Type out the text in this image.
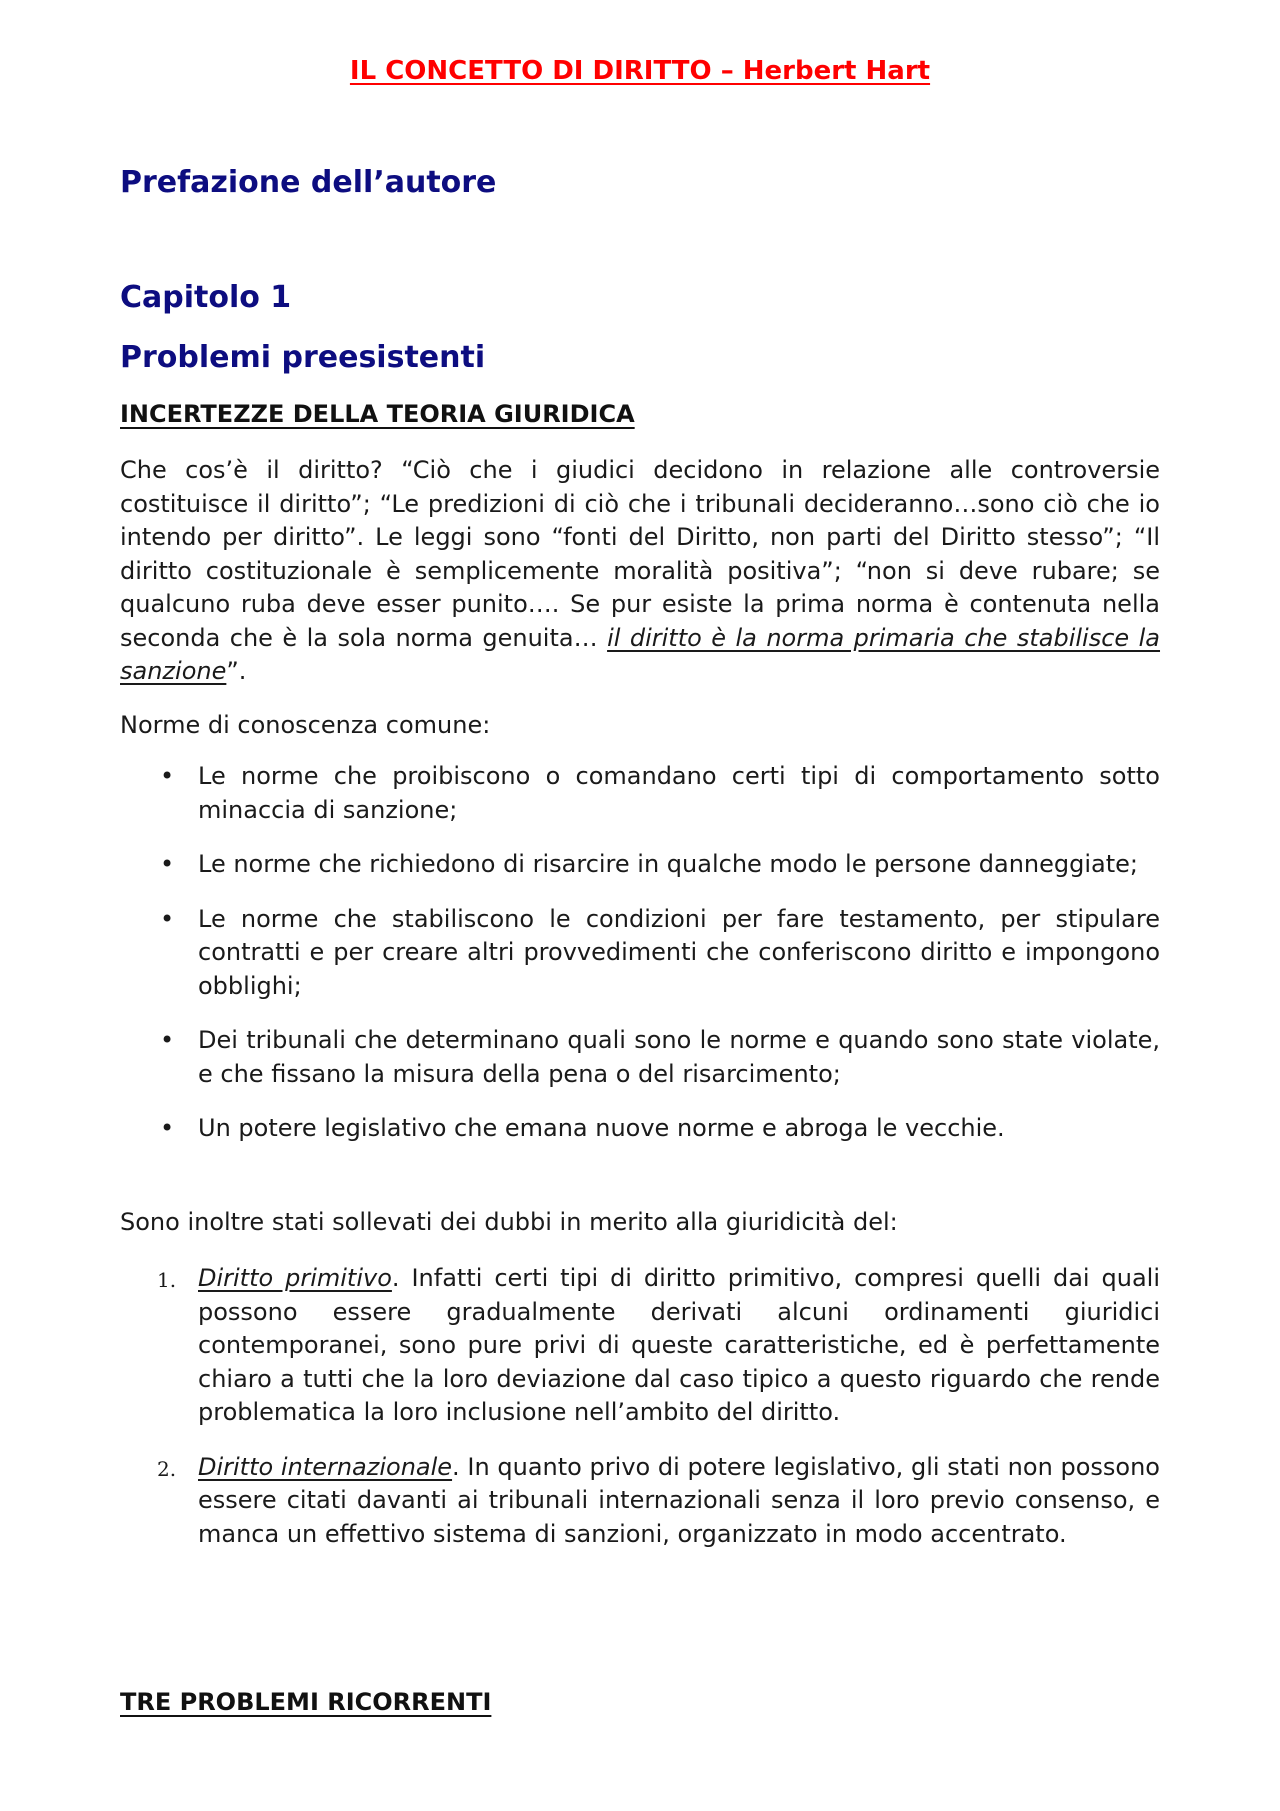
IL CONCETTO DI DIRITTO – Herbert Hart
Prefazione dell’autore
Capitolo 1
Problemi preesistenti
INCERTEZZE DELLA TEORIA GIURIDICA

Che cos’è il diritto? “Ciò che i giudici decidono in relazione alle controversie costituisce il diritto”; “Le predizioni di ciò che i tribunali decideranno…sono ciò che io intendo per diritto”. Le leggi sono “fonti del Diritto, non parti del Diritto stesso”; “Il diritto costituzionale è semplicemente moralità positiva”; “non si deve rubare; se qualcuno ruba deve esser punito…. Se pur esiste la prima norma è contenuta nella seconda che è la sola norma genuita… il diritto è la norma primaria che stabilisce la sanzione”.

Norme di conoscenza comune:

• Le norme che proibiscono o comandano certi tipi di comportamento sotto minaccia di sanzione;
• Le norme che richiedono di risarcire in qualche modo le persone danneggiate;
• Le norme che stabiliscono le condizioni per fare testamento, per stipulare contratti e per creare altri provvedimenti che conferiscono diritto e impongono obblighi;
• Dei tribunali che determinano quali sono le norme e quando sono state violate, e che fissano la misura della pena o del risarcimento;
• Un potere legislativo che emana nuove norme e abroga le vecchie.

Sono inoltre stati sollevati dei dubbi in merito alla giuridicità del:

1. Diritto primitivo. Infatti certi tipi di diritto primitivo, compresi quelli dai quali possono essere gradualmente derivati alcuni ordinamenti giuridici contemporanei, sono pure privi di queste caratteristiche, ed è perfettamente chiaro a tutti che la loro deviazione dal caso tipico a questo riguardo che rende problematica la loro inclusione nell’ambito del diritto.
2. Diritto internazionale. In quanto privo di potere legislativo, gli stati non possono essere citati davanti ai tribunali internazionali senza il loro previo consenso, e manca un effettivo sistema di sanzioni, organizzato in modo accentrato.
TRE PROBLEMI RICORRENTI
